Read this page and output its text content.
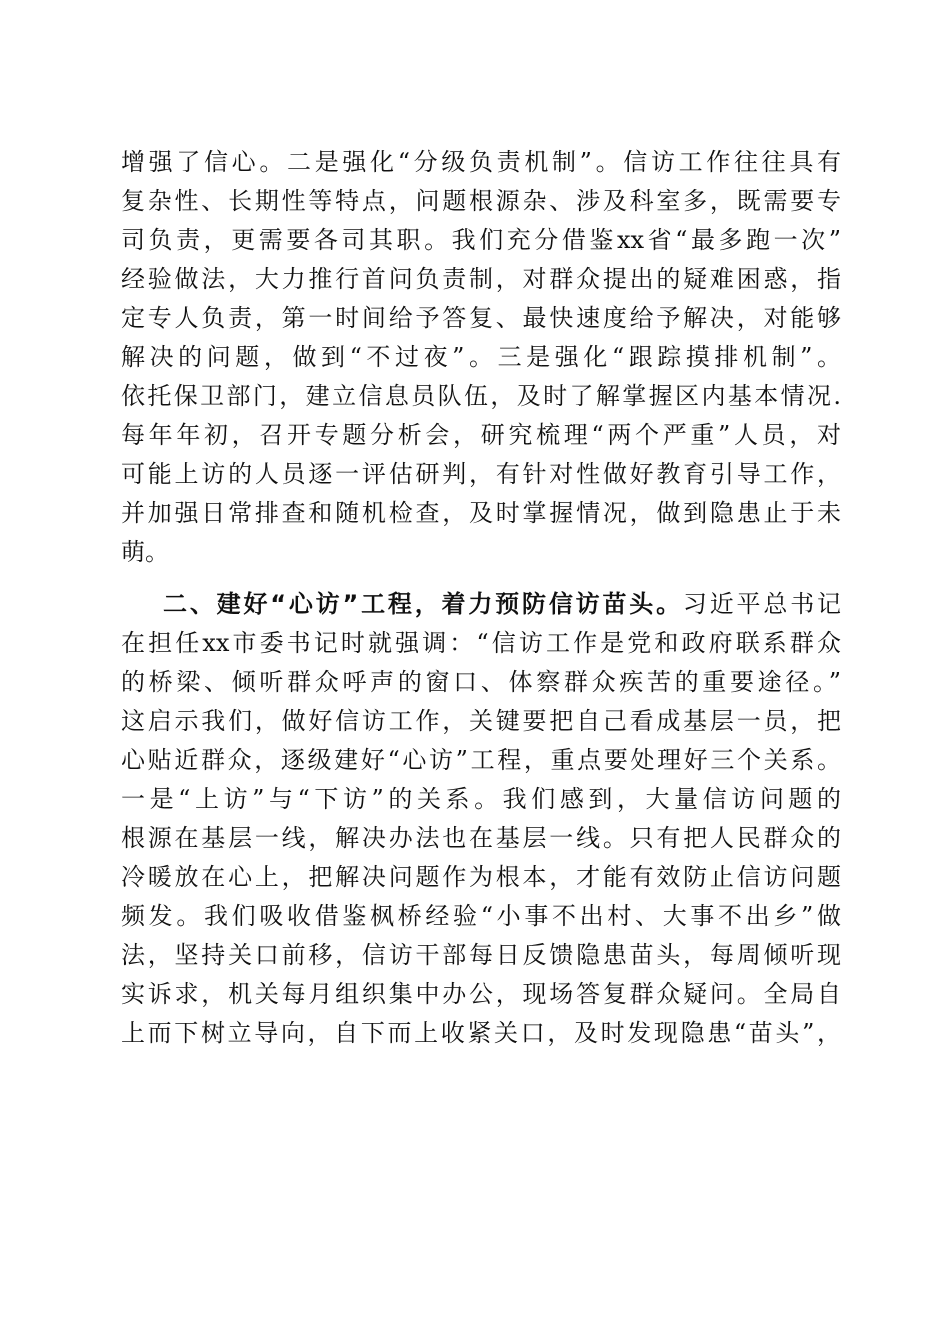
增强了信心。二是强化“分级负责机制”。信访工作往往具有
复杂性、长期性等特点，问题根源杂、涉及科室多，既需要专
司负责，更需要各司其职。我们充分借鉴xx省“最多跑一次”
经验做法，大力推行首问负责制，对群众提出的疑难困惑，指
定专人负责，第一时间给予答复、最快速度给予解决，对能够
解决的问题，做到“不过夜”。三是强化“跟踪摸排机制”。
依托保卫部门，建立信息员队伍，及时了解掌握区内基本情况.
每年年初，召开专题分析会，研究梳理“两个严重”人员，对
可能上访的人员逐一评估研判，有针对性做好教育引导工作，
并加强日常排查和随机检查，及时掌握情况，做到隐患止于未
萌。
二、建好“心访”工程，着力预防信访苗头。习近平总书记
在担任xx市委书记时就强调：“信访工作是党和政府联系群众
的桥梁、倾听群众呼声的窗口、体察群众疾苦的重要途径。”
这启示我们，做好信访工作，关键要把自己看成基层一员，把
心贴近群众，逐级建好“心访”工程，重点要处理好三个关系。
一是“上访”与“下访”的关系。我们感到，大量信访问题的
根源在基层一线，解决办法也在基层一线。只有把人民群众的
冷暖放在心上，把解决问题作为根本，才能有效防止信访问题
频发。我们吸收借鉴枫桥经验“小事不出村、大事不出乡”做
法，坚持关口前移，信访干部每日反馈隐患苗头，每周倾听现
实诉求，机关每月组织集中办公，现场答复群众疑问。全局自
上而下树立导向，自下而上收紧关口，及时发现隐患“苗头”，
